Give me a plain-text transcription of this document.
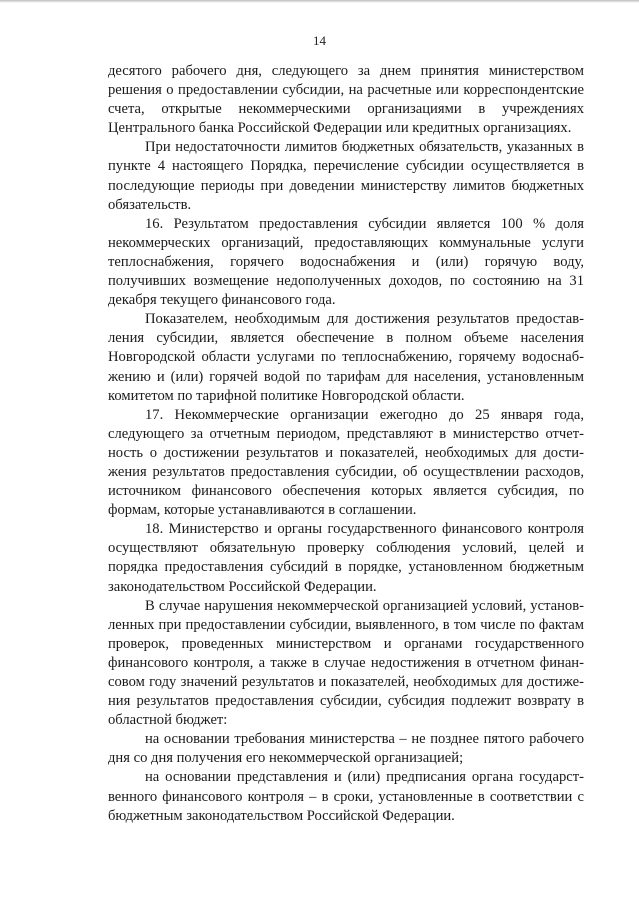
14

десятого рабочего дня, следующего за днем принятия министерством решения о предоставлении субсидии, на расчетные или корреспондентские счета, открытые некоммерческими организациями в учреждениях Центрального банка Российской Федерации или кредитных организациях.

При недостаточности лимитов бюджетных обязательств, указанных в пункте 4 настоящего Порядка, перечисление субсидии осуществляется в последующие периоды при доведении министерству лимитов бюджетных обязательств.

16. Результатом предоставления субсидии является 100 % доля некоммерческих организаций, предоставляющих коммунальные услуги теплоснабжения, горячего водоснабжения и (или) горячую воду, получивших возмещение недополученных доходов, по состоянию на 31 декабря текущего финансового года.

Показателем, необходимым для достижения результатов предоставления субсидии, является обеспечение в полном объеме населения Новгородской области услугами по теплоснабжению, горячему водоснабжению и (или) горячей водой по тарифам для населения, установленным комитетом по тарифной политике Новгородской области.

17. Некоммерческие организации ежегодно до 25 января года, следующего за отчетным периодом, представляют в министерство отчетность о достижении результатов и показателей, необходимых для достижения результатов предоставления субсидии, об осуществлении расходов, источником финансового обеспечения которых является субсидия, по формам, которые устанавливаются в соглашении.

18. Министерство и органы государственного финансового контроля осуществляют обязательную проверку соблюдения условий, целей и порядка предоставления субсидий в порядке, установленном бюджетным законодательством Российской Федерации.

В случае нарушения некоммерческой организацией условий, установленных при предоставлении субсидии, выявленного, в том числе по фактам проверок, проведенных министерством и органами государственного финансового контроля, а также в случае недостижения в отчетном финансовом году значений результатов и показателей, необходимых для достижения результатов предоставления субсидии, субсидия подлежит возврату в областной бюджет:

на основании требования министерства – не позднее пятого рабочего дня со дня получения его некоммерческой организацией;

на основании представления и (или) предписания органа государственного финансового контроля – в сроки, установленные в соответствии с бюджетным законодательством Российской Федерации.
